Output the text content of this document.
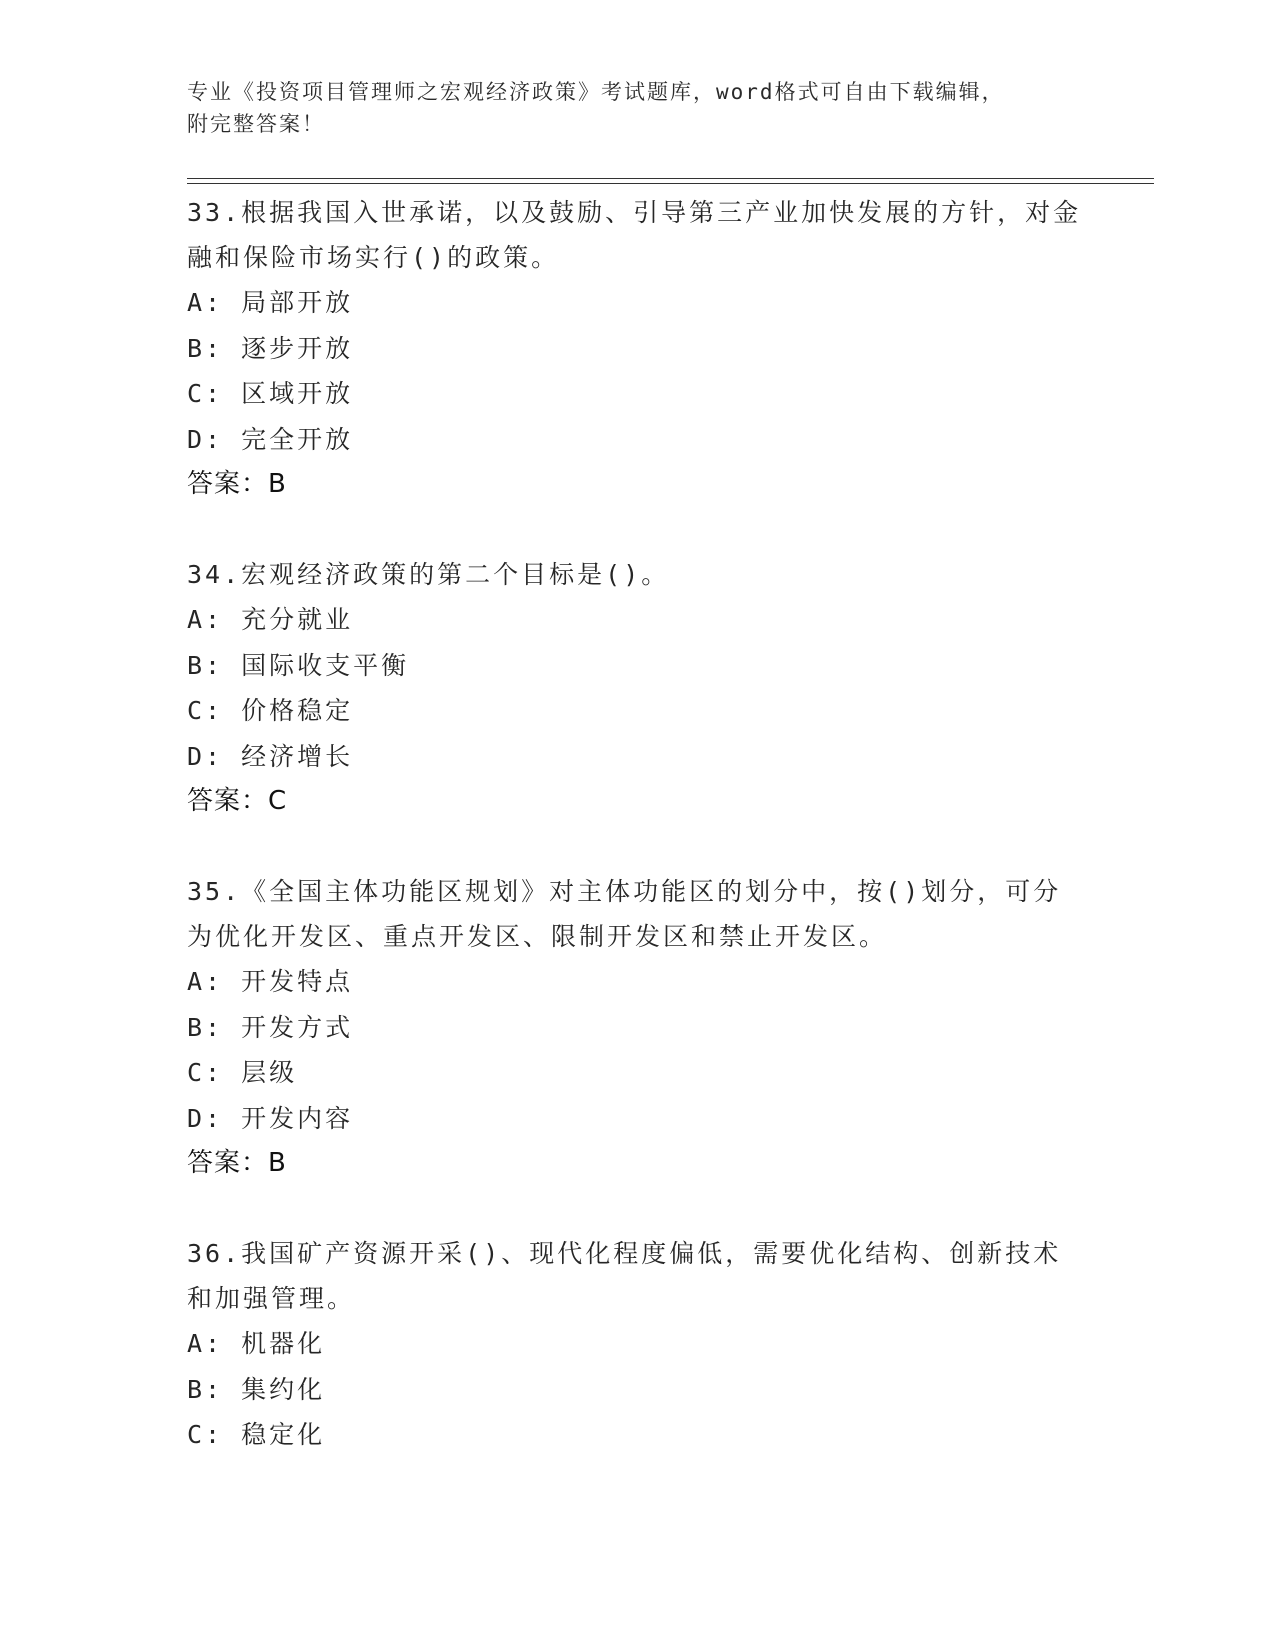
专业《投资项目管理师之宏观经济政策》考试题库，word格式可自由下载编辑，
附完整答案！
33.根据我国入世承诺，以及鼓励、引导第三产业加快发展的方针，对金融和保险市场实行()的政策。
A: 局部开放
B: 逐步开放
C: 区域开放
D: 完全开放
答案：B
34.宏观经济政策的第二个目标是()。
A: 充分就业
B: 国际收支平衡
C: 价格稳定
D: 经济增长
答案：C
35.《全国主体功能区规划》对主体功能区的划分中，按()划分，可分为优化开发区、重点开发区、限制开发区和禁止开发区。
A: 开发特点
B: 开发方式
C: 层级
D: 开发内容
答案：B
36.我国矿产资源开采()、现代化程度偏低，需要优化结构、创新技术和加强管理。
A: 机器化
B: 集约化
C: 稳定化
